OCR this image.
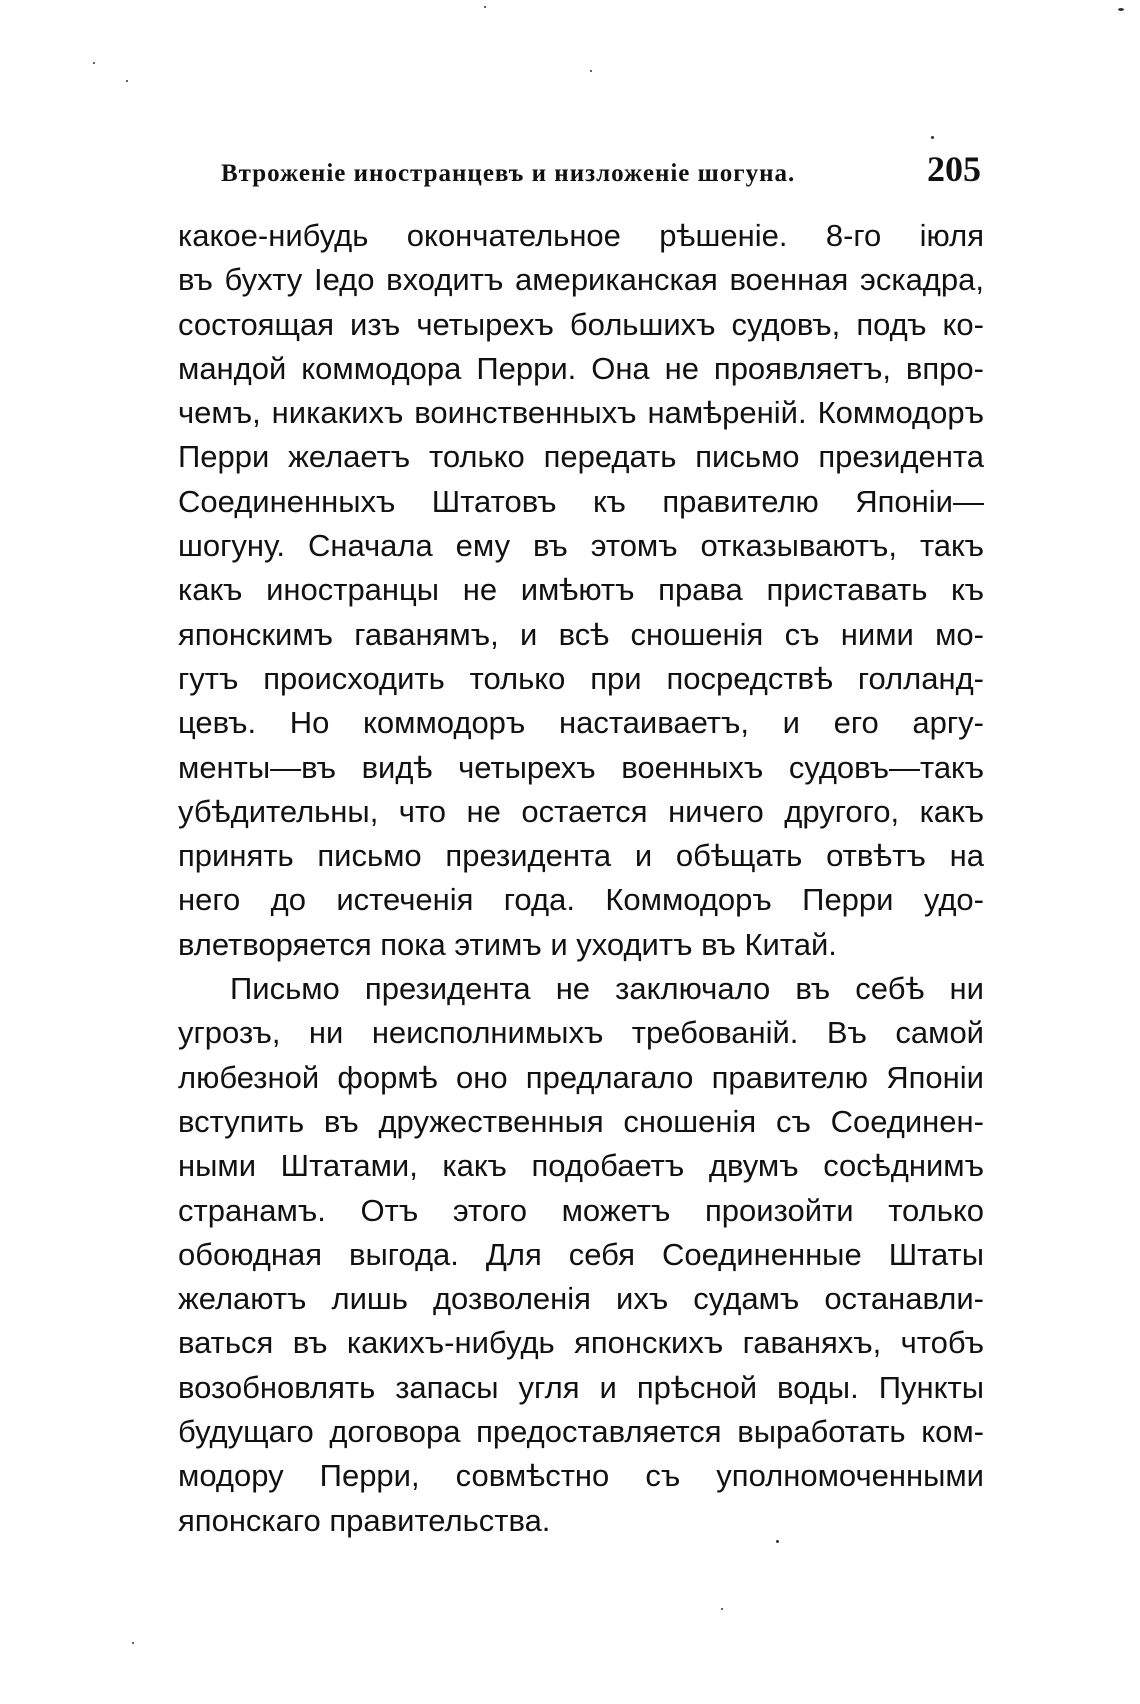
Втроженіе иностранцевъ и низложеніе шогуна.	205
какое-нибудь окончательное рѣшеніе. 8-го іюля
въ бухту Іедо входитъ американская военная эскадра,
состоящая изъ четырехъ большихъ судовъ, подъ ко-
мандой коммодора Перри. Она не проявляетъ, впро-
чемъ, никакихъ воинственныхъ намѣреній. Коммодоръ
Перри желаетъ только передать письмо президента
Соединенныхъ Штатовъ къ правителю Японіи—
шогуну. Сначала ему въ этомъ отказываютъ, такъ
какъ иностранцы не имѣютъ права приставать къ
японскимъ гаванямъ, и всѣ сношенія съ ними мо-
гутъ происходить только при посредствѣ голланд-
цевъ. Но коммодоръ настаиваетъ, и его аргу-
менты—въ видѣ четырехъ военныхъ судовъ—такъ
убѣдительны, что не остается ничего другого, какъ
принять письмо президента и обѣщать отвѣтъ на
него до истеченія года. Коммодоръ Перри удо-
влетворяется пока этимъ и уходитъ въ Китай.
Письмо президента не заключало въ себѣ ни
угрозъ, ни неисполнимыхъ требованій. Въ самой
любезной формѣ оно предлагало правителю Японіи
вступить въ дружественныя сношенія съ Соединен-
ными Штатами, какъ подобаетъ двумъ сосѣднимъ
странамъ. Отъ этого можетъ произойти только
обоюдная выгода. Для себя Соединенные Штаты
желаютъ лишь дозволенія ихъ судамъ останавли-
ваться въ какихъ-нибудь японскихъ гаваняхъ, чтобъ
возобновлять запасы угля и прѣсной воды. Пункты
будущаго договора предоставляется выработать ком-
модору Перри, совмѣстно съ уполномоченными
японскаго правительства.
